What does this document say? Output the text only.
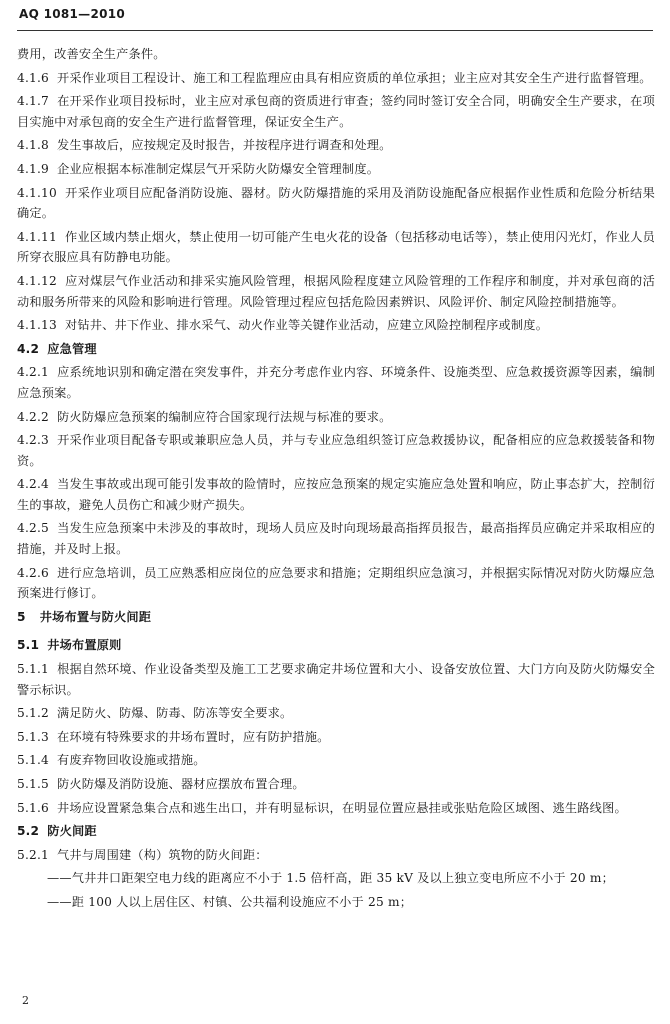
AQ 1081—2010

费用，改善安全生产条件。

4.1.6 开采作业项目工程设计、施工和工程监理应由具有相应资质的单位承担；业主应对其安全生产进行监督管理。

4.1.7 在开采作业项目投标时，业主应对承包商的资质进行审查；签约同时签订安全合同，明确安全生产要求，在项目实施中对承包商的安全生产进行监督管理，保证安全生产。

4.1.8 发生事故后，应按规定及时报告，并按程序进行调查和处理。

4.1.9 企业应根据本标准制定煤层气开采防火防爆安全管理制度。

4.1.10 开采作业项目应配备消防设施、器材。防火防爆措施的采用及消防设施配备应根据作业性质和危险分析结果确定。

4.1.11 作业区域内禁止烟火，禁止使用一切可能产生电火花的设备（包括移动电话等），禁止使用闪光灯，作业人员所穿衣服应具有防静电功能。

4.1.12 应对煤层气作业活动和排采实施风险管理，根据风险程度建立风险管理的工作程序和制度，并对承包商的活动和服务所带来的风险和影响进行管理。风险管理过程应包括危险因素辨识、风险评价、制定风险控制措施等。

4.1.13 对钻井、井下作业、排水采气、动火作业等关键作业活动，应建立风险控制程序或制度。

4.2 应急管理

4.2.1 应系统地识别和确定潜在突发事件，并充分考虑作业内容、环境条件、设施类型、应急救援资源等因素，编制应急预案。

4.2.2 防火防爆应急预案的编制应符合国家现行法规与标准的要求。

4.2.3 开采作业项目配备专职或兼职应急人员，并与专业应急组织签订应急救援协议，配备相应的应急救援装备和物资。

4.2.4 当发生事故或出现可能引发事故的险情时，应按应急预案的规定实施应急处置和响应，防止事态扩大，控制衍生的事故，避免人员伤亡和减少财产损失。

4.2.5 当发生应急预案中未涉及的事故时，现场人员应及时向现场最高指挥员报告，最高指挥员应确定并采取相应的措施，并及时上报。

4.2.6 进行应急培训，员工应熟悉相应岗位的应急要求和措施；定期组织应急演习，并根据实际情况对防火防爆应急预案进行修订。

5 井场布置与防火间距

5.1 井场布置原则

5.1.1 根据自然环境、作业设备类型及施工工艺要求确定井场位置和大小、设备安放位置、大门方向及防火防爆安全警示标识。

5.1.2 满足防火、防爆、防毒、防冻等安全要求。

5.1.3 在环境有特殊要求的井场布置时，应有防护措施。

5.1.4 有废弃物回收设施或措施。

5.1.5 防火防爆及消防设施、器材应摆放布置合理。

5.1.6 井场应设置紧急集合点和逃生出口，并有明显标识，在明显位置应悬挂或张贴危险区域图、逃生路线图。

5.2 防火间距

5.2.1 气井与周围建（构）筑物的防火间距：

——气井井口距架空电力线的距离应不小于 1.5 倍杆高，距 35 kV 及以上独立变电所应不小于 20 m；

——距 100 人以上居住区、村镇、公共福利设施应不小于 25 m；

2
